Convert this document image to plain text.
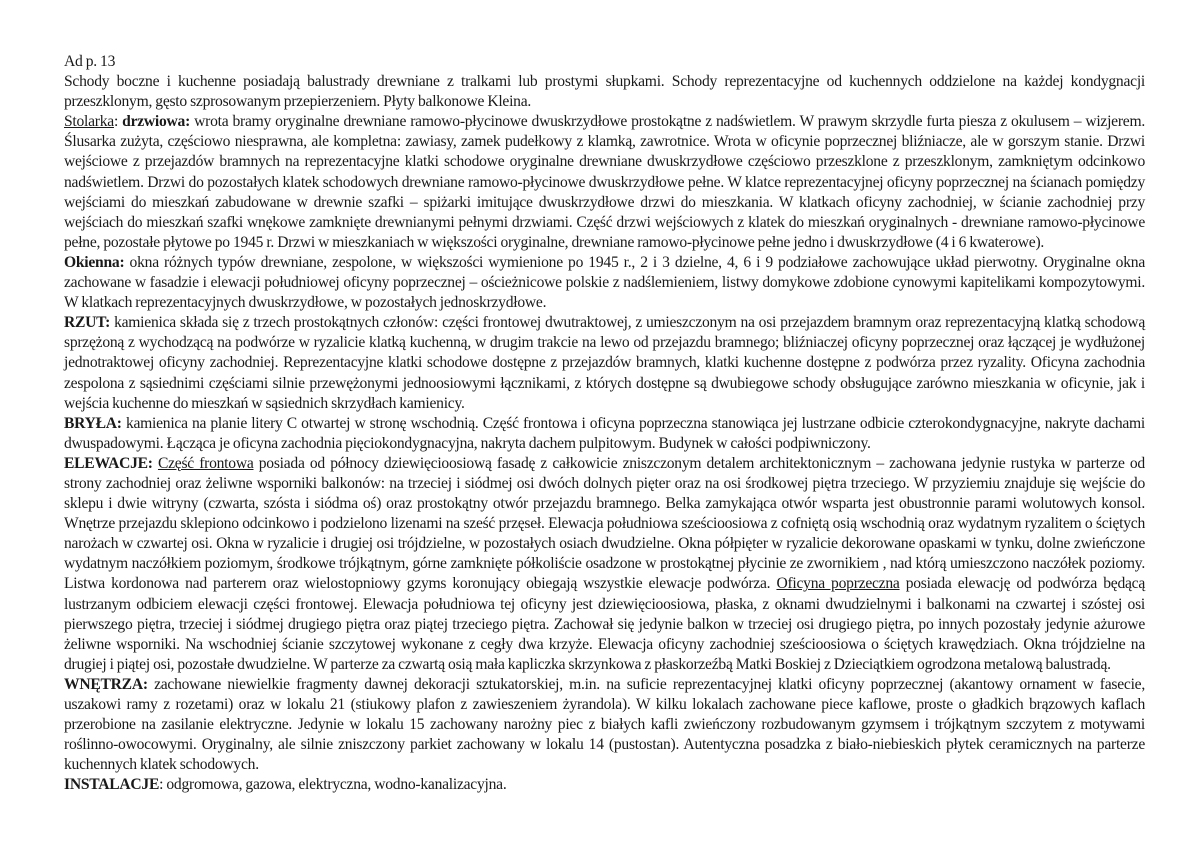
Ad p. 13

Schody boczne i kuchenne posiadają balustrady drewniane z tralkami lub prostymi słupkami. Schody reprezentacyjne od kuchennych oddzielone na każdej kondygnacji przeszklonym, gęsto szprosowanym przepierzeniem. Płyty balkonowe Kleina.

Stolarka: drzwiowa: wrota bramy oryginalne drewniane ramowo-płycinowe dwuskrzydłowe prostokątne z nadświetlem. W prawym skrzydle furta piesza z okulusem – wizjerem. Ślusarka zużyta, częściowo niesprawna, ale kompletna: zawiasy, zamek pudełkowy z klamką, zawrotnice. Wrota w oficynie poprzecznej bliźniacze, ale w gorszym stanie. Drzwi wejściowe z przejazdów bramnych na reprezentacyjne klatki schodowe oryginalne drewniane dwuskrzydłowe częściowo przeszklone z przeszklonym, zamkniętym odcinkowo nadświetlem. Drzwi do pozostałych klatek schodowych drewniane ramowo-płycinowe dwuskrzydłowe pełne. W klatce reprezentacyjnej oficyny poprzecznej na ścianach pomiędzy wejściami do mieszkań zabudowane w drewnie szafki – spiżarki imitujące dwuskrzydłowe drzwi do mieszkania. W klatkach oficyny zachodniej, w ścianie zachodniej przy wejściach do mieszkań szafki wnękowe zamknięte drewnianymi pełnymi drzwiami. Część drzwi wejściowych z klatek do mieszkań oryginalnych - drewniane ramowo-płycinowe pełne, pozostałe płytowe po 1945 r. Drzwi w mieszkaniach w większości oryginalne, drewniane ramowo-płycinowe pełne jedno i dwuskrzydłowe (4 i 6 kwaterowe).

Okienna: okna różnych typów drewniane, zespolone, w większości wymienione po 1945 r., 2 i 3 dzielne, 4, 6 i 9 podziałowe zachowujące układ pierwotny. Oryginalne okna zachowane w fasadzie i elewacji południowej oficyny poprzecznej – ościeżnicowe polskie z nadślemieniem, listwy domykowe zdobione cynowymi kapitelikami kompozytowymi. W klatkach reprezentacyjnych dwuskrzydłowe, w pozostałych jednoskrzydłowe.

RZUT: kamienica składa się z trzech prostokątnych członów: części frontowej dwutraktowej, z umieszczonym na osi przejazdem bramnym oraz reprezentacyjną klatką schodową sprzężoną z wychodzącą na podwórze w ryzalicie klatką kuchenną, w drugim trakcie na lewo od przejazdu bramnego; bliźniaczej oficyny poprzecznej oraz łączącej je wydłużonej jednotraktowej oficyny zachodniej. Reprezentacyjne klatki schodowe dostępne z przejazdów bramnych, klatki kuchenne dostępne z podwórza przez ryzality. Oficyna zachodnia zespolona z sąsiednimi częściami silnie przewężonymi jednoosiowymi łącznikami, z których dostępne są dwubiegowe schody obsługujące zarówno mieszkania w oficynie, jak i wejścia kuchenne do mieszkań w sąsiednich skrzydłach kamienicy.

BRYŁA: kamienica na planie litery C otwartej w stronę wschodnią. Część frontowa i oficyna poprzeczna stanowiąca jej lustrzane odbicie czterokondygnacyjne, nakryte dachami dwuspadowymi. Łącząca je oficyna zachodnia pięciokondygnacyjna, nakryta dachem pulpitowym. Budynek w całości podpiwniczony.

ELEWACJE: Część frontowa posiada od północy dziewięcioosiową fasadę z całkowicie zniszczonym detalem architektonicznym – zachowana jedynie rustyka w parterze od strony zachodniej oraz żeliwne wsporniki balkonów: na trzeciej i siódmej osi dwóch dolnych pięter oraz na osi środkowej piętra trzeciego. W przyziemiu znajduje się wejście do sklepu i dwie witryny (czwarta, szósta i siódma oś) oraz prostokątny otwór przejazdu bramnego. Belka zamykająca otwór wsparta jest obustronnie parami wolutowych konsol. Wnętrze przejazdu sklepiono odcinkowo i podzielono lizenami na sześć przęseł. Elewacja południowa sześcioosiowa z cofniętą osią wschodnią oraz wydatnym ryzalitem o ściętych narożach w czwartej osi. Okna w ryzalicie i drugiej osi trójdzielne, w pozostałych osiach dwudzielne. Okna półpięter w ryzalicie dekorowane opaskami w tynku, dolne zwieńczone wydatnym naczółkiem poziomym, środkowe trójkątnym, górne zamknięte półkoliście osadzone w prostokątnej płycinie ze zwornikiem , nad którą umieszczono naczółek poziomy. Listwa kordonowa nad parterem oraz wielostopniowy gzyms koronujący obiegają wszystkie elewacje podwórza. Oficyna poprzeczna posiada elewację od podwórza będącą lustrzanym odbiciem elewacji części frontowej. Elewacja południowa tej oficyny jest dziewięcioosiowa, płaska, z oknami dwudzielnymi i balkonami na czwartej i szóstej osi pierwszego piętra, trzeciej i siódmej drugiego piętra oraz piątej trzeciego piętra. Zachował się jedynie balkon w trzeciej osi drugiego piętra, po innych pozostały jedynie ażurowe żeliwne wsporniki. Na wschodniej ścianie szczytowej wykonane z cegły dwa krzyże. Elewacja oficyny zachodniej sześcioosiowa o ściętych krawędziach. Okna trójdzielne na drugiej i piątej osi, pozostałe dwudzielne. W parterze za czwartą osią mała kapliczka skrzynkowa z płaskorzeźbą Matki Boskiej z Dzieciątkiem ogrodzona metalową balustradą.

WNĘTRZA: zachowane niewielkie fragmenty dawnej dekoracji sztukatorskiej, m.in. na suficie reprezentacyjnej klatki oficyny poprzecznej (akantowy ornament w fasecie, uszakowi ramy z rozetami) oraz w lokalu 21 (stiukowy plafon z zawieszeniem żyrandola). W kilku lokalach zachowane piece kaflowe, proste o gładkich brązowych kaflach przerobione na zasilanie elektryczne. Jedynie w lokalu 15 zachowany narożny piec z białych kafli zwieńczony rozbudowanym gzymsem i trójkątnym szczytem z motywami roślinno-owocowymi. Oryginalny, ale silnie zniszczony parkiet zachowany w lokalu 14 (pustostan). Autentyczna posadzka z biało-niebieskich płytek ceramicznych na parterze kuchennych klatek schodowych.

INSTALACJE: odgromowa, gazowa, elektryczna, wodno-kanalizacyjna.
